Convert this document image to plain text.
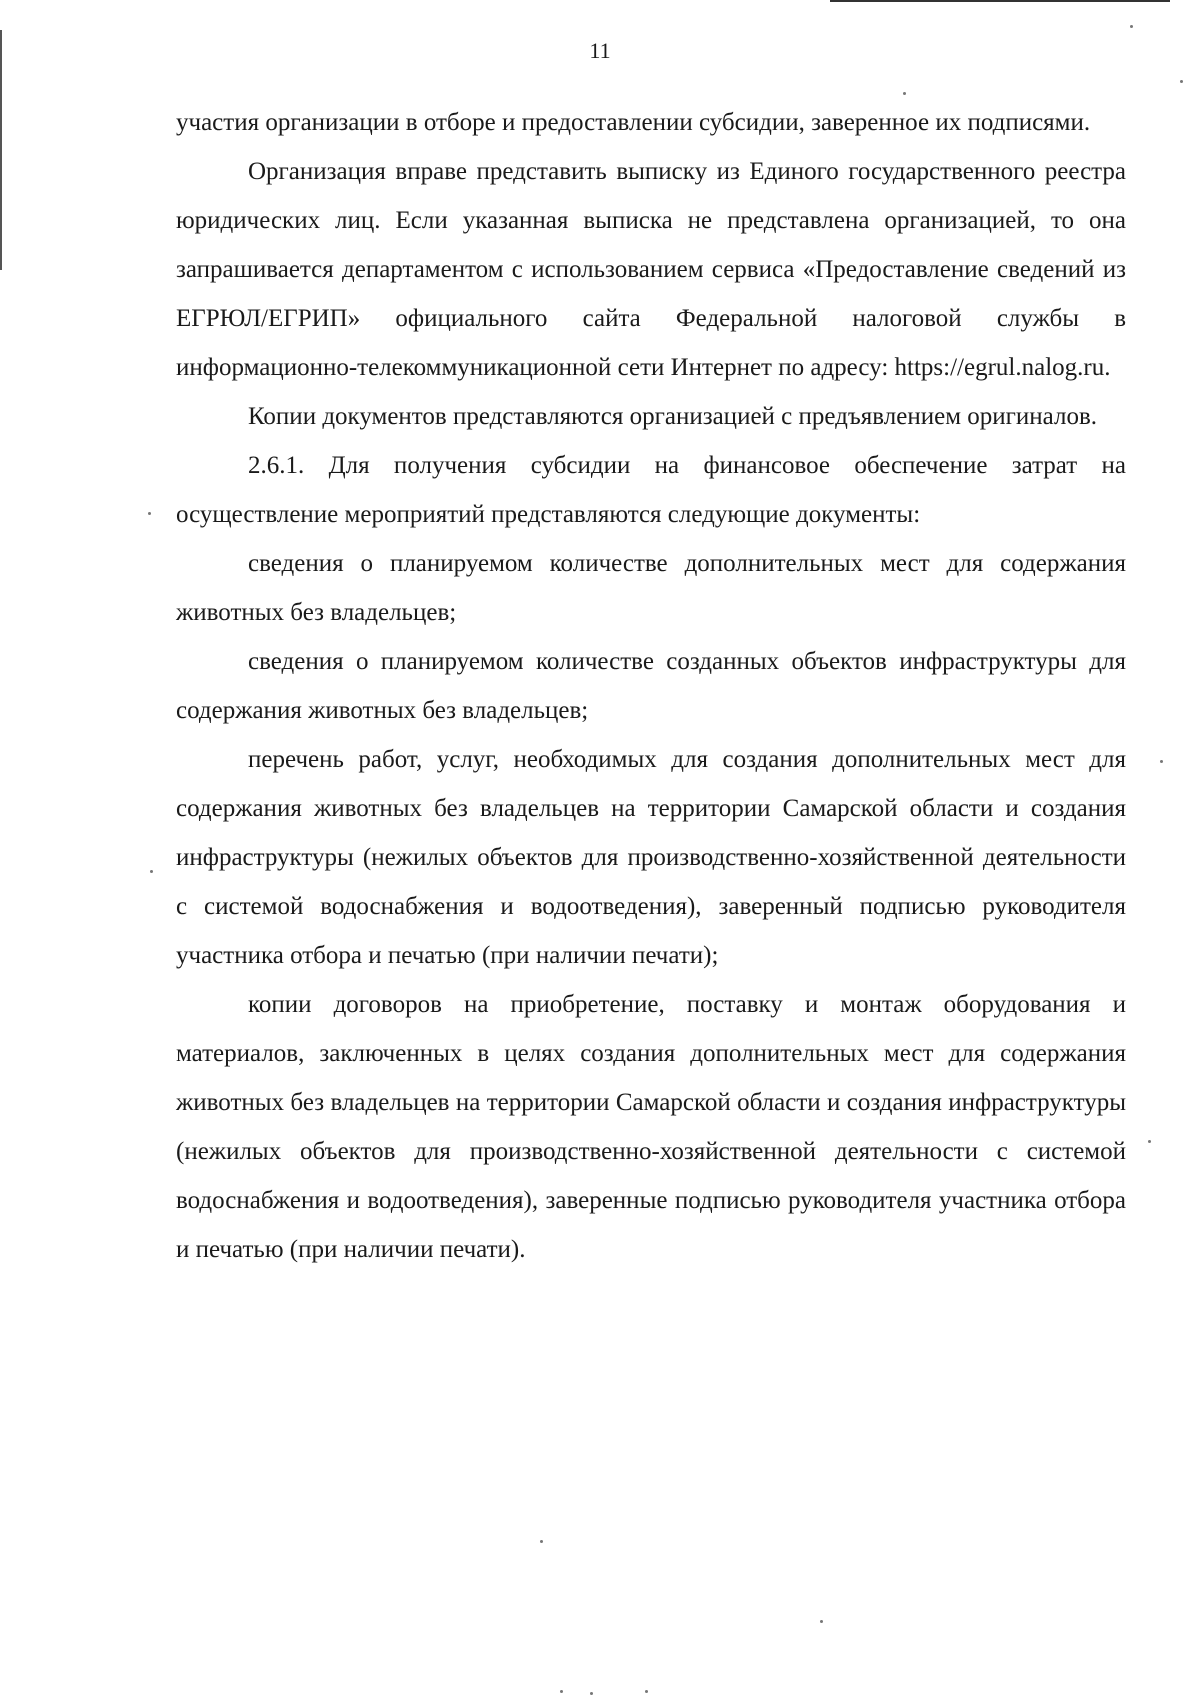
11

участия организации в отборе и предоставлении субсидии, заверенное их подписями.

Организация вправе представить выписку из Единого государственного реестра юридических лиц. Если указанная выписка не представлена организацией, то она запрашивается департаментом с использованием сервиса «Предоставление сведений из ЕГРЮЛ/ЕГРИП» официального сайта Федеральной налоговой службы в информационно-телекоммуникационной сети Интернет по адресу: https://egrul.nalog.ru.

Копии документов представляются организацией с предъявлением оригиналов.

2.6.1. Для получения субсидии на финансовое обеспечение затрат на осуществление мероприятий представляются следующие документы:

сведения о планируемом количестве дополнительных мест для содержания животных без владельцев;

сведения о планируемом количестве созданных объектов инфраструктуры для содержания животных без владельцев;

перечень работ, услуг, необходимых для создания дополнительных мест для содержания животных без владельцев на территории Самарской области и создания инфраструктуры (нежилых объектов для производственно-хозяйственной деятельности с системой водоснабжения и водоотведения), заверенный подписью руководителя участника отбора и печатью (при наличии печати);

копии договоров на приобретение, поставку и монтаж оборудования и материалов, заключенных в целях создания дополнительных мест для содержания животных без владельцев на территории Самарской области и создания инфраструктуры (нежилых объектов для производственно-хозяйственной деятельности с системой водоснабжения и водоотведения), заверенные подписью руководителя участника отбора и печатью (при наличии печати).
